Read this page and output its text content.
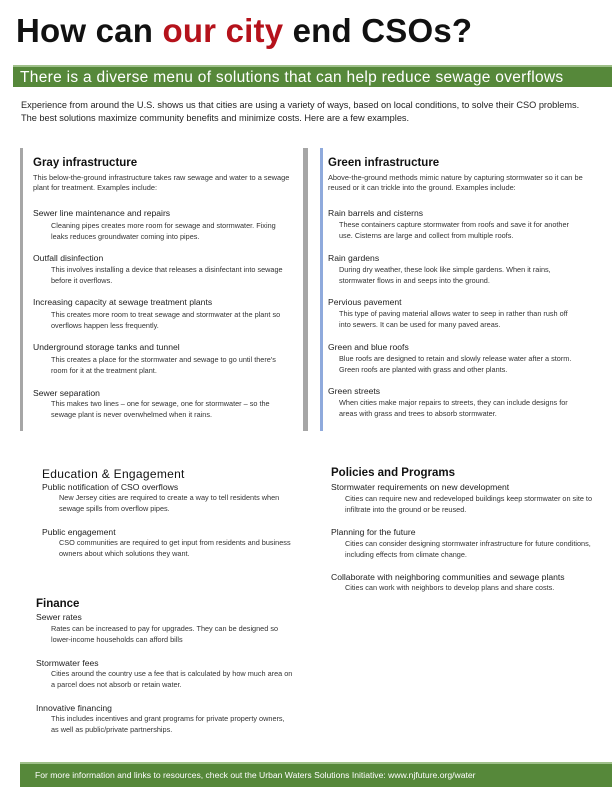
How can our city end CSOs?
There is a diverse menu of solutions that can help reduce sewage overflows
Experience from around the U.S. shows us that cities are using a variety of ways, based on local conditions, to solve their CSO problems. The best solutions maximize community benefits and minimize costs. Here are a few examples.
Gray infrastructure
This below-the-ground infrastructure takes raw sewage and water to a sewage plant for treatment. Examples include:
Sewer line maintenance and repairs
Cleaning pipes creates more room for sewage and stormwater. Fixing leaks reduces groundwater coming into pipes.
Outfall disinfection
This involves installing a device that releases a disinfectant into sewage before it overflows.
Increasing capacity at sewage treatment plants
This creates more room to treat sewage and stormwater at the plant so overflows happen less frequently.
Underground storage tanks and tunnel
This creates a place for the stormwater and sewage to go until there's room for it at the treatment plant.
Sewer separation
This makes two lines – one for sewage, one for stormwater – so the sewage plant is never overwhelmed when it rains.
Green infrastructure
Above-the-ground methods mimic nature by capturing stormwater so it can be reused or it can trickle into the ground. Examples include:
Rain barrels and cisterns
These containers capture stormwater from roofs and save it for another use. Cisterns are large and collect from multiple roofs.
Rain gardens
During dry weather, these look like simple gardens. When it rains, stormwater flows in and seeps into the ground.
Pervious pavement
This type of paving material allows water to seep in rather than rush off into sewers. It can be used for many paved areas.
Green and blue roofs
Blue roofs are designed to retain and slowly release water after a storm. Green roofs are planted with grass and other plants.
Green streets
When cities make major repairs to streets, they can include designs for areas with grass and trees to absorb stormwater.
Education & Engagement
Public notification of CSO overflows
New Jersey cities are required to create a way to tell residents when sewage spills from overflow pipes.
Public engagement
CSO communities are required to get input from residents and business owners about which solutions they want.
Policies and Programs
Stormwater requirements on new development
Cities can require new and redeveloped buildings keep stormwater on site to infiltrate into the ground or be reused.
Planning for the future
Cities can consider designing stormwater infrastructure for future conditions, including effects from climate change.
Collaborate with neighboring communities and sewage plants
Cities can work with neighbors to develop plans and share costs.
Finance
Sewer rates
Rates can be increased to pay for upgrades. They can be designed so lower-income households can afford bills
Stormwater fees
Cities around the country use a fee that is calculated by how much area on a parcel does not absorb or retain water.
Innovative financing
This includes incentives and grant programs for private property owners, as well as public/private partnerships.
For more information and links to resources, check out the Urban Waters Solutions Initiative: www.njfuture.org/water
